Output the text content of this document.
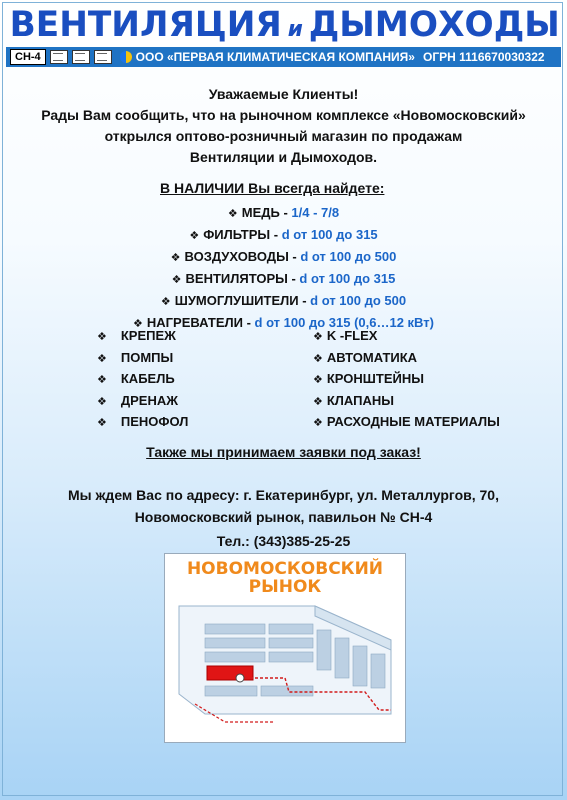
ВЕНТИЛЯЦИЯ и ДЫМОХОДЫ
СН-4	ООО «ПЕРВАЯ КЛИМАТИЧЕСКАЯ КОМПАНИЯ» ОГРН 1116670030322
Уважаемые Клиенты!
Рады Вам сообщить, что на рыночном комплексе «Новомосковский»
открылся оптово-розничный магазин по продажам
Вентиляции и Дымоходов.
В НАЛИЧИИ Вы всегда найдете:
❖ МЕДЬ - 1/4 - 7/8
❖ ФИЛЬТРЫ - d от 100 до 315
❖ ВОЗДУХОВОДЫ - d от 100 до 500
❖ ВЕНТИЛЯТОРЫ - d от 100 до 315
❖ ШУМОГЛУШИТЕЛИ - d от 100 до 500
❖ НАГРЕВАТЕЛИ - d от 100 до 315 (0,6…12 кВт)
❖ КРЕПЕЖ
❖ ПОМПЫ
❖ КАБЕЛЬ
❖ ДРЕНАЖ
❖ ПЕНОФОЛ
❖ K -FLEX
❖ АВТОМАТИКА
❖ КРОНШТЕЙНЫ
❖ КЛАПАНЫ
❖ РАСХОДНЫЕ МАТЕРИАЛЫ
Также мы принимаем заявки под заказ!
Мы ждем Вас по адресу: г. Екатеринбург, ул. Металлургов, 70,
Новомосковский рынок, павильон № СН-4
Тел.: (343)385-25-25
НОВОМОСКОВСКИЙ
РЫНОК
